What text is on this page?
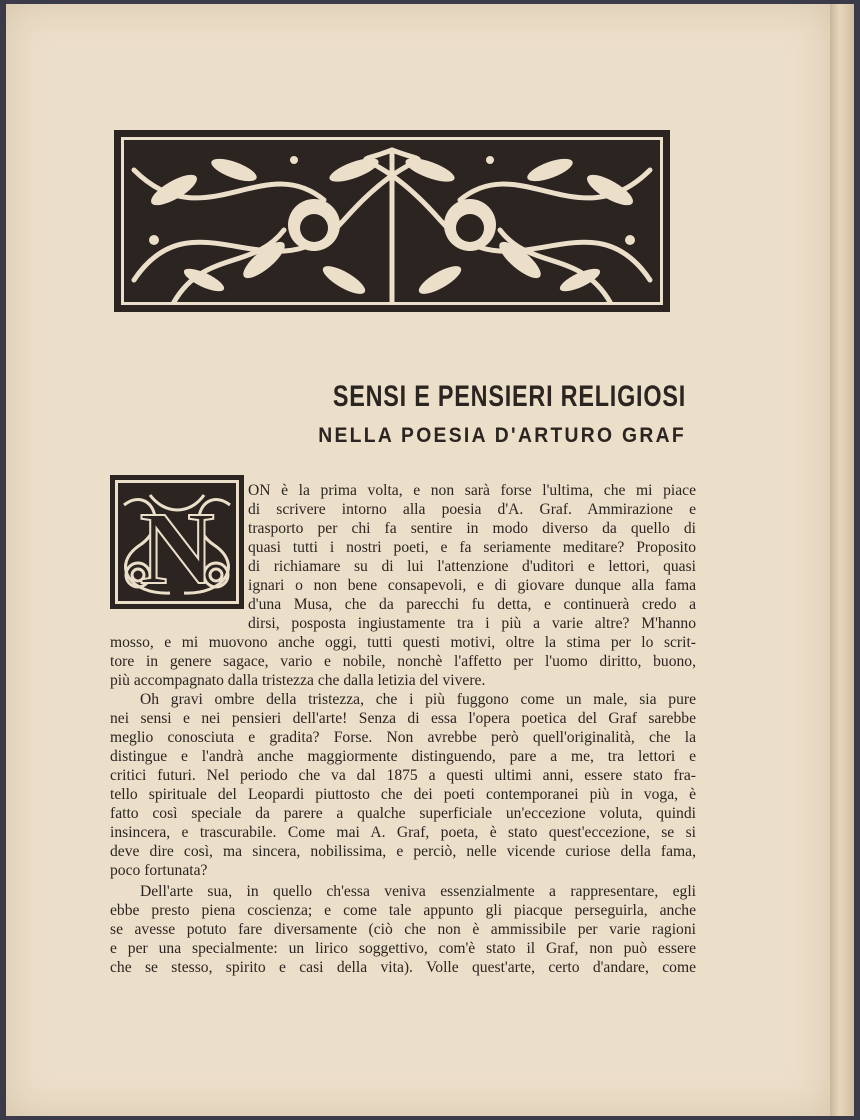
SENSI E PENSIERI RELIGIOSI
NELLA POESIA D'ARTURO GRAF
N

ON è la prima volta, e non sarà forse l'ultima, che mi piace

di scrivere intorno alla poesia d'A. Graf. Ammirazione e

trasporto per chi fa sentire in modo diverso da quello di

quasi tutti i nostri poeti, e fa seriamente meditare? Proposito

di richiamare su di lui l'attenzione d'uditori e lettori, quasi

ignari o non bene consapevoli, e di giovare dunque alla fama

d'una Musa, che da parecchi fu detta, e continuerà credo a

dirsi, posposta ingiustamente tra i più a varie altre? M'hanno

mosso, e mi muovono anche oggi, tutti questi motivi, oltre la stima per lo scrit-

tore in genere sagace, vario e nobile, nonchè l'affetto per l'uomo diritto, buono,

più accompagnato dalla tristezza che dalla letizia del vivere.

Oh gravi ombre della tristezza, che i più fuggono come un male, sia pure

nei sensi e nei pensieri dell'arte! Senza di essa l'opera poetica del Graf sarebbe

meglio conosciuta e gradita? Forse. Non avrebbe però quell'originalità, che la

distingue e l'andrà anche maggiormente distinguendo, pare a me, tra lettori e

critici futuri. Nel periodo che va dal 1875 a questi ultimi anni, essere stato fra-

tello spirituale del Leopardi piuttosto che dei poeti contemporanei più in voga, è

fatto così speciale da parere a qualche superficiale un'eccezione voluta, quindi

insincera, e trascurabile. Come mai A. Graf, poeta, è stato quest'eccezione, se si

deve dire così, ma sincera, nobilissima, e perciò, nelle vicende curiose della fama,

poco fortunata?

Dell'arte sua, in quello ch'essa veniva essenzialmente a rappresentare, egli

ebbe presto piena coscienza; e come tale appunto gli piacque perseguirla, anche

se avesse potuto fare diversamente (ciò che non è ammissibile per varie ragioni

e per una specialmente: un lirico soggettivo, com'è stato il Graf, non può essere

che se stesso, spirito e casi della vita). Volle quest'arte, certo d'andare, come
